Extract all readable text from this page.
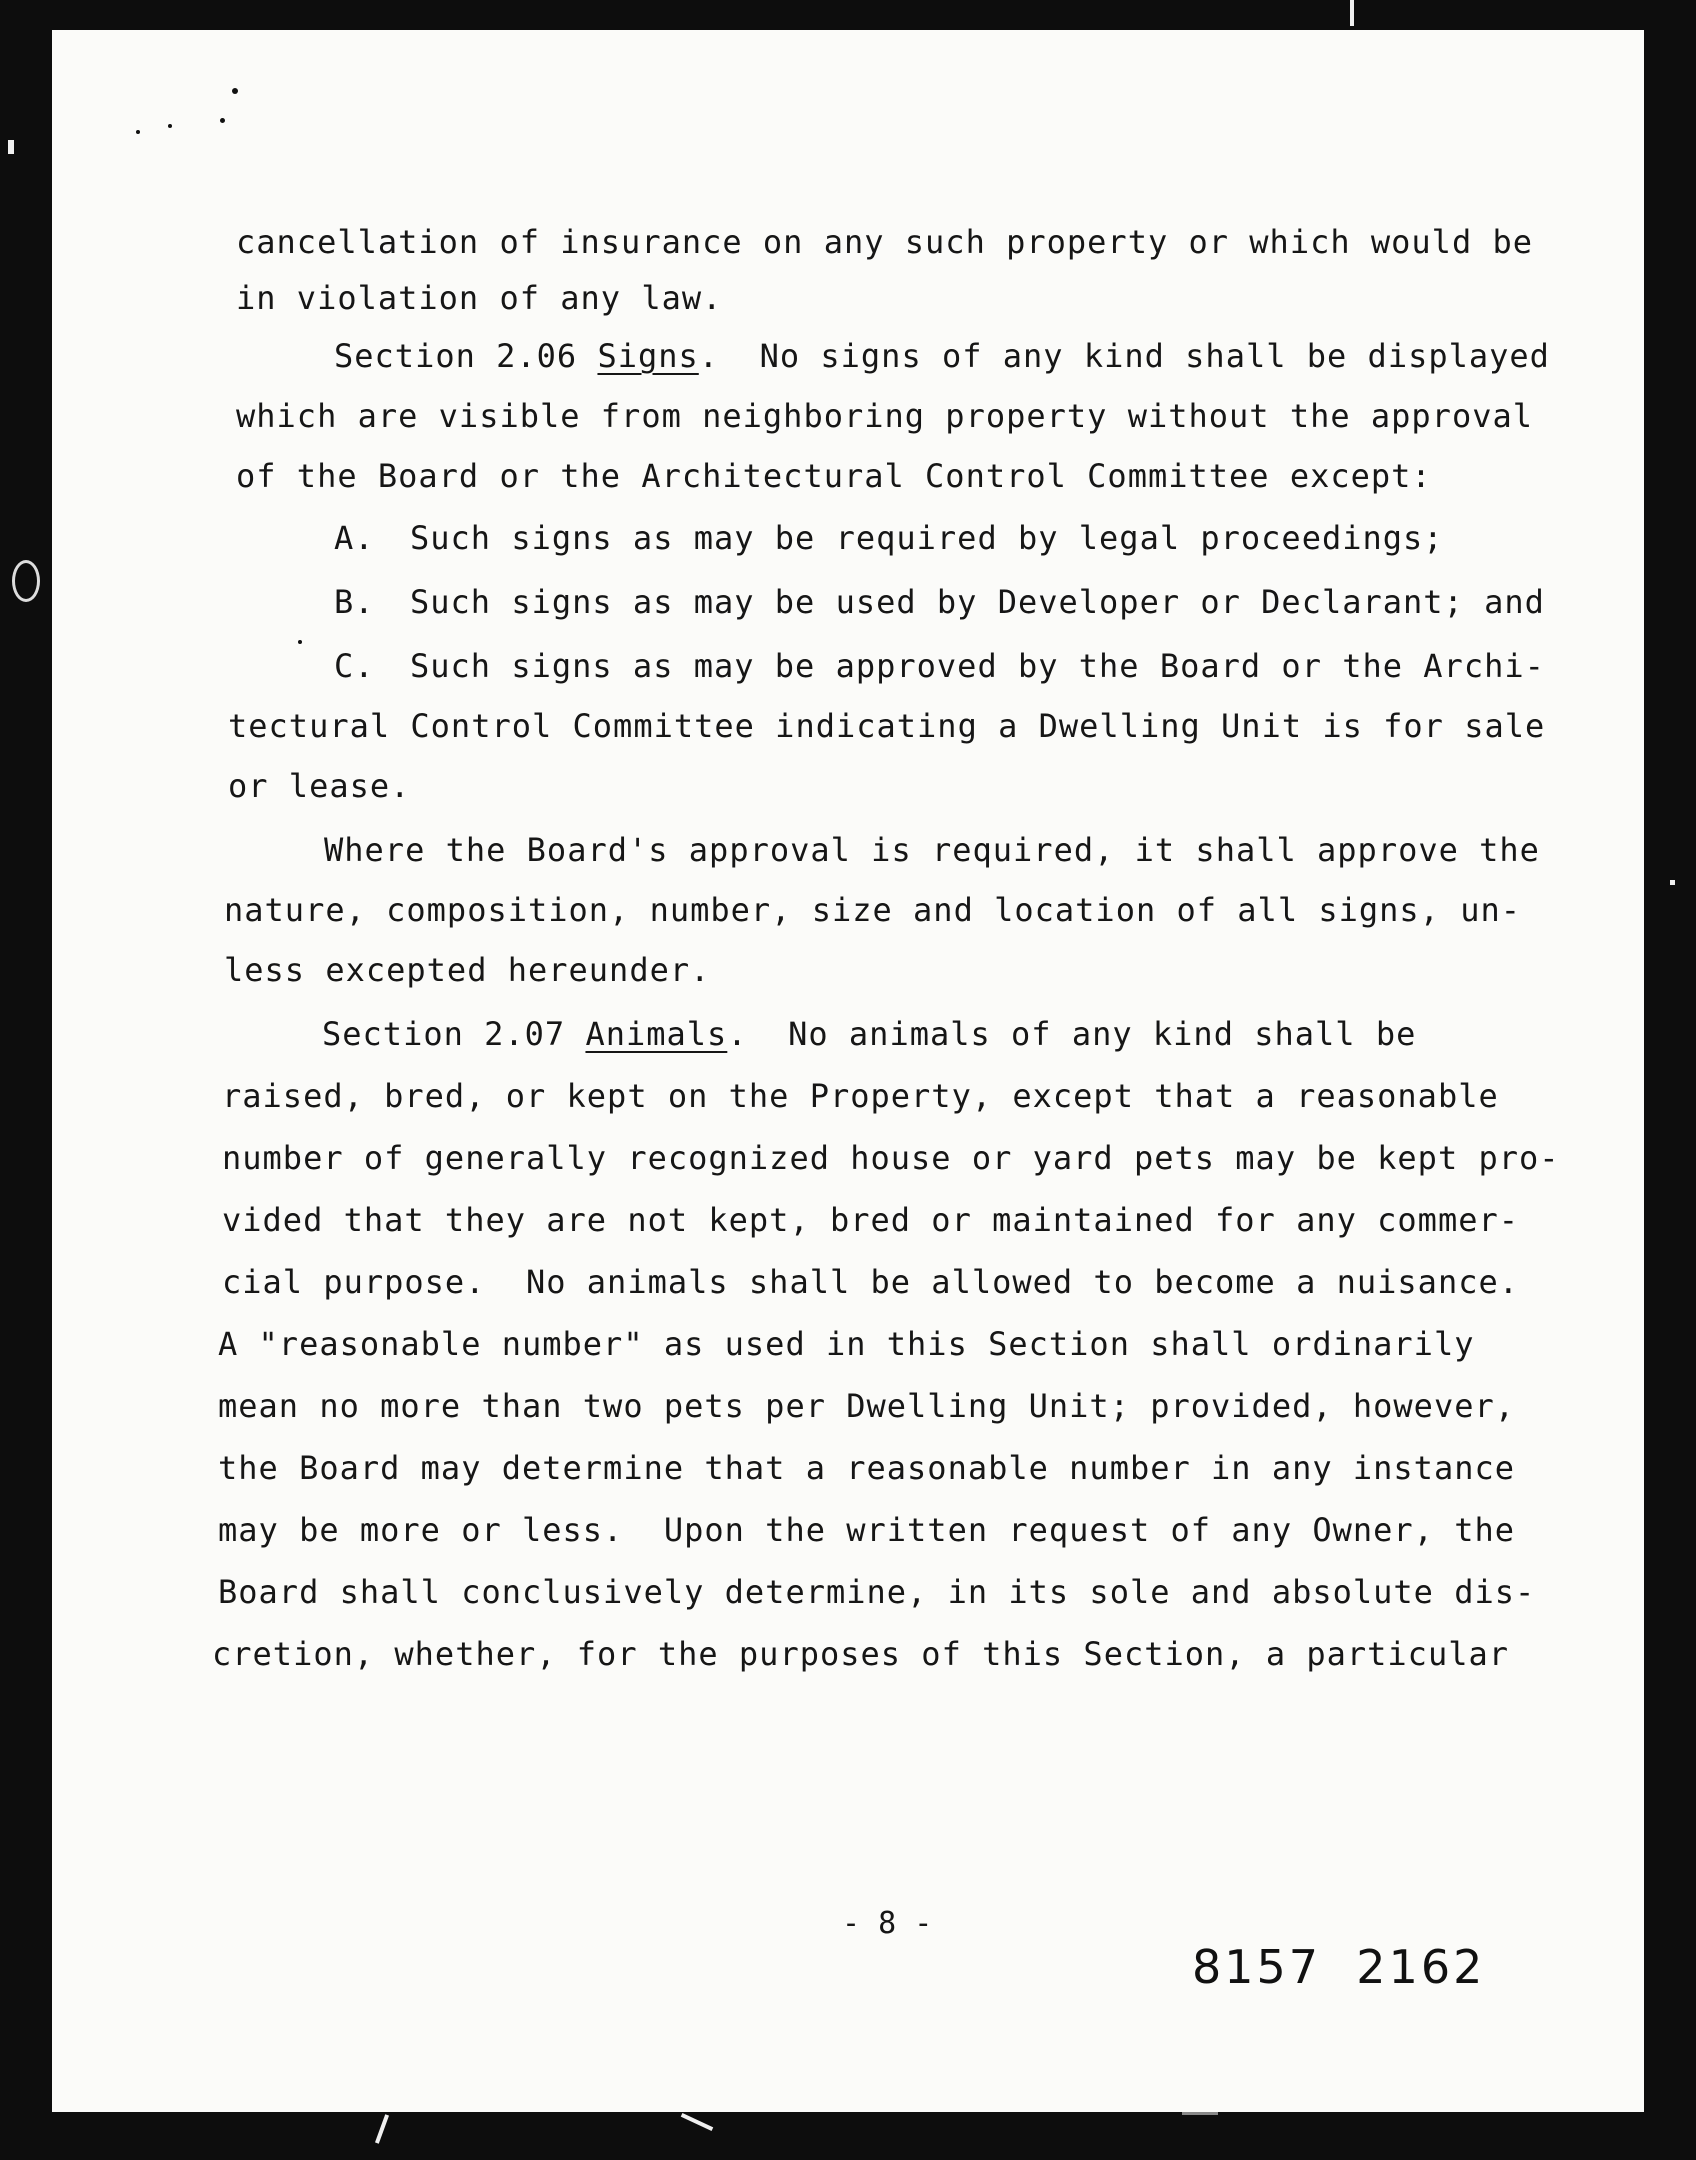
cancellation of insurance on any such property or which would be
in violation of any law.
Section 2.06 Signs.  No signs of any kind shall be displayed
which are visible from neighboring property without the approval
of the Board or the Architectural Control Committee except:
A. Such signs as may be required by legal proceedings;
B. Such signs as may be used by Developer or Declarant; and
C. Such signs as may be approved by the Board or the Archi-
tectural Control Committee indicating a Dwelling Unit is for sale
or lease.
Where the Board's approval is required, it shall approve the
nature, composition, number, size and location of all signs, un-
less excepted hereunder.
Section 2.07 Animals.  No animals of any kind shall be
raised, bred, or kept on the Property, except that a reasonable
number of generally recognized house or yard pets may be kept pro-
vided that they are not kept, bred or maintained for any commer-
cial purpose.  No animals shall be allowed to become a nuisance.
A "reasonable number" as used in this Section shall ordinarily
mean no more than two pets per Dwelling Unit; provided, however,
the Board may determine that a reasonable number in any instance
may be more or less.  Upon the written request of any Owner, the
Board shall conclusively determine, in its sole and absolute dis-
cretion, whether, for the purposes of this Section, a particular
- 8 -
8157  2162
